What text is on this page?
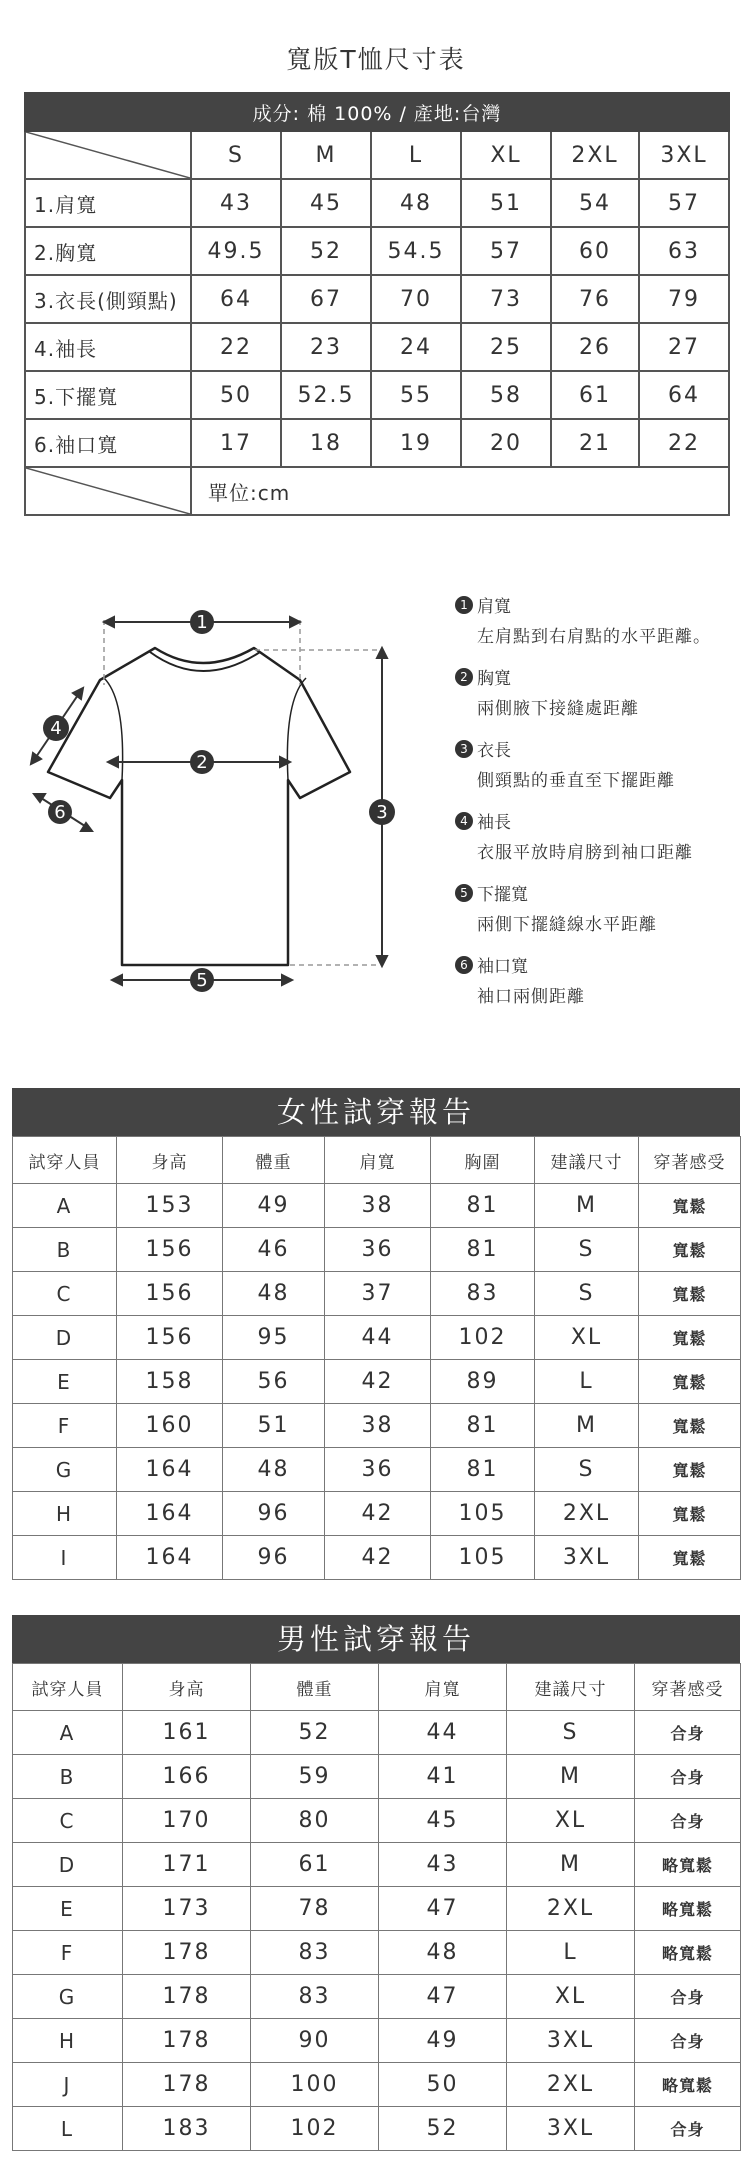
寬版T恤尺寸表
成分: 棉 100% / 產地:台灣						

	S	M	L	XL	2XL	3XL
1.肩寬	43	45	48	51	54	57
2.胸寬	49.5	52	54.5	57	60	63
3.衣長(側頸點)	64	67	70	73	76	79
4.袖長	22	23	24	25	26	27
5.下擺寬	50	52.5	55	58	61	64
6.袖口寬	17	18	19	20	21	22

	單位:cm					
1
2
3
4
5
6
1 肩寬
左肩點到右肩點的水平距離。
2 胸寬
兩側腋下接縫處距離
3 衣長
側頸點的垂直至下擺距離
4 袖長
衣服平放時肩膀到袖口距離
5 下擺寬
兩側下擺縫線水平距離
6 袖口寬
袖口兩側距離
女性試穿報告
試穿人員	身高	體重	肩寬	胸圍	建議尺寸	穿著感受
A	153	49	38	81	M	寬鬆
B	156	46	36	81	S	寬鬆
C	156	48	37	83	S	寬鬆
D	156	95	44	102	XL	寬鬆
E	158	56	42	89	L	寬鬆
F	160	51	38	81	M	寬鬆
G	164	48	36	81	S	寬鬆
H	164	96	42	105	2XL	寬鬆
I	164	96	42	105	3XL	寬鬆
男性試穿報告
試穿人員	身高	體重	肩寬	建議尺寸	穿著感受
A	161	52	44	S	合身
B	166	59	41	M	合身
C	170	80	45	XL	合身
D	171	61	43	M	略寬鬆
E	173	78	47	2XL	略寬鬆
F	178	83	48	L	略寬鬆
G	178	83	47	XL	合身
H	178	90	49	3XL	合身
J	178	100	50	2XL	略寬鬆
L	183	102	52	3XL	合身
